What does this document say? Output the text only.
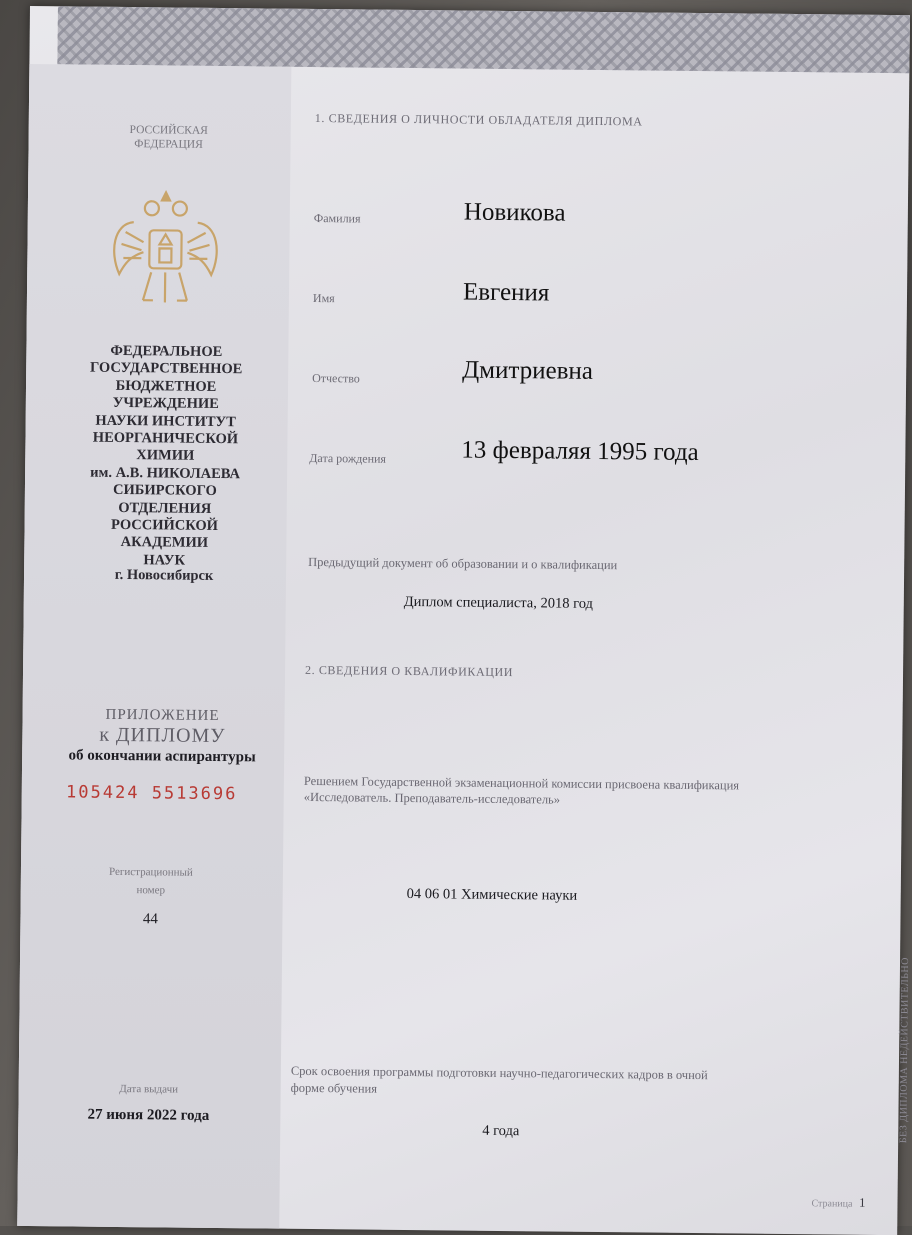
РОССИЙСКАЯ
ФЕДЕРАЦИЯ
ФЕДЕРАЛЬНОЕ
ГОСУДАРСТВЕННОЕ
БЮДЖЕТНОЕ
УЧРЕЖДЕНИЕ
НАУКИ ИНСТИТУТ
НЕОРГАНИЧЕСКОЙ
ХИМИИ
им. А.В. НИКОЛАЕВА
СИБИРСКОГО ОТДЕЛЕНИЯ
РОССИЙСКОЙ АКАДЕМИИ
НАУК
г. Новосибирск
ПРИЛОЖЕНИЕ
к ДИПЛОМУ
об окончании аспирантуры
105424 5513696
Регистрационный
номер
44
Дата выдачи
27 июня 2022 года
1. СВЕДЕНИЯ О ЛИЧНОСТИ ОБЛАДАТЕЛЯ ДИПЛОМА
Фамилия	Новикова
Имя	Евгения
Отчество	Дмитриевна
Дата рождения	13 февраляя 1995 года
Предыдущий документ об образовании и о квалификации
Диплом специалиста, 2018 год
2. СВЕДЕНИЯ О КВАЛИФИКАЦИИ
Решением Государственной экзаменационной комиссии присвоена квалификация
«Исследователь. Преподаватель-исследователь»
04 06 01 Химические науки
Срок освоения программы подготовки научно-педагогических кадров в очной
форме обучения
4 года	БЕЗ ДИПЛОМА НЕДЕЙСТВИТЕЛЬНО
Страница 1
